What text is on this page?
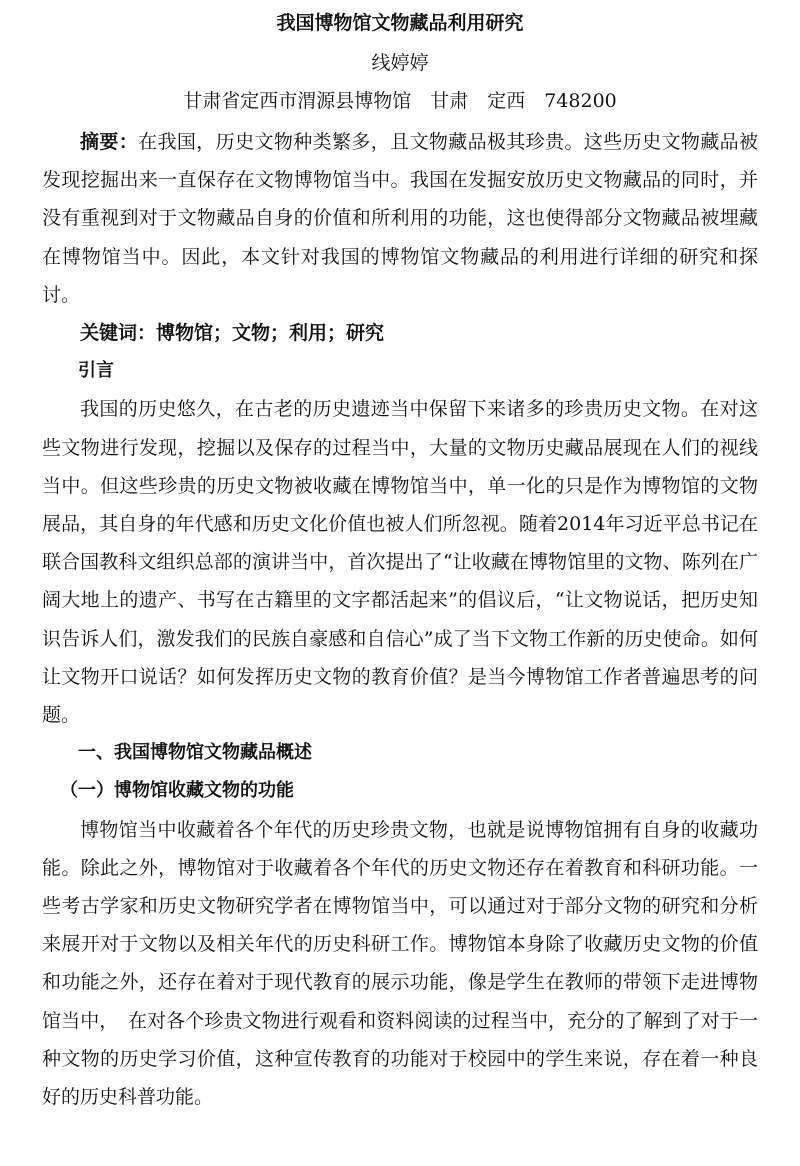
我国博物馆文物藏品利用研究

线婷婷

甘肃省定西市渭源县博物馆　甘肃　定西　748200

摘要：在我国，历史文物种类繁多，且文物藏品极其珍贵。这些历史文物藏品被发现挖掘出来一直保存在文物博物馆当中。我国在发掘安放历史文物藏品的同时，并没有重视到对于文物藏品自身的价值和所利用的功能，这也使得部分文物藏品被埋藏在博物馆当中。因此，本文针对我国的博物馆文物藏品的利用进行详细的研究和探讨。

关键词：博物馆；文物；利用；研究

引言

我国的历史悠久，在古老的历史遗迹当中保留下来诸多的珍贵历史文物。在对这些文物进行发现，挖掘以及保存的过程当中，大量的文物历史藏品展现在人们的视线当中。但这些珍贵的历史文物被收藏在博物馆当中，单一化的只是作为博物馆的文物展品，其自身的年代感和历史文化价值也被人们所忽视。随着2014年习近平总书记在联合国教科文组织总部的演讲当中，首次提出了“让收藏在博物馆里的文物、陈列在广阔大地上的遗产、书写在古籍里的文字都活起来”的倡议后，“让文物说话，把历史知识告诉人们，激发我们的民族自豪感和自信心”成了当下文物工作新的历史使命。如何让文物开口说话？如何发挥历史文物的教育价值？是当今博物馆工作者普遍思考的问题。

一、我国博物馆文物藏品概述

（一）博物馆收藏文物的功能

博物馆当中收藏着各个年代的历史珍贵文物，也就是说博物馆拥有自身的收藏功能。除此之外，博物馆对于收藏着各个年代的历史文物还存在着教育和科研功能。一些考古学家和历史文物研究学者在博物馆当中，可以通过对于部分文物的研究和分析来展开对于文物以及相关年代的历史科研工作。博物馆本身除了收藏历史文物的价值和功能之外，还存在着对于现代教育的展示功能，像是学生在教师的带领下走进博物馆当中，　在对各个珍贵文物进行观看和资料阅读的过程当中，充分的了解到了对于一种文物的历史学习价值，这种宣传教育的功能对于校园中的学生来说，存在着一种良好的历史科普功能。
